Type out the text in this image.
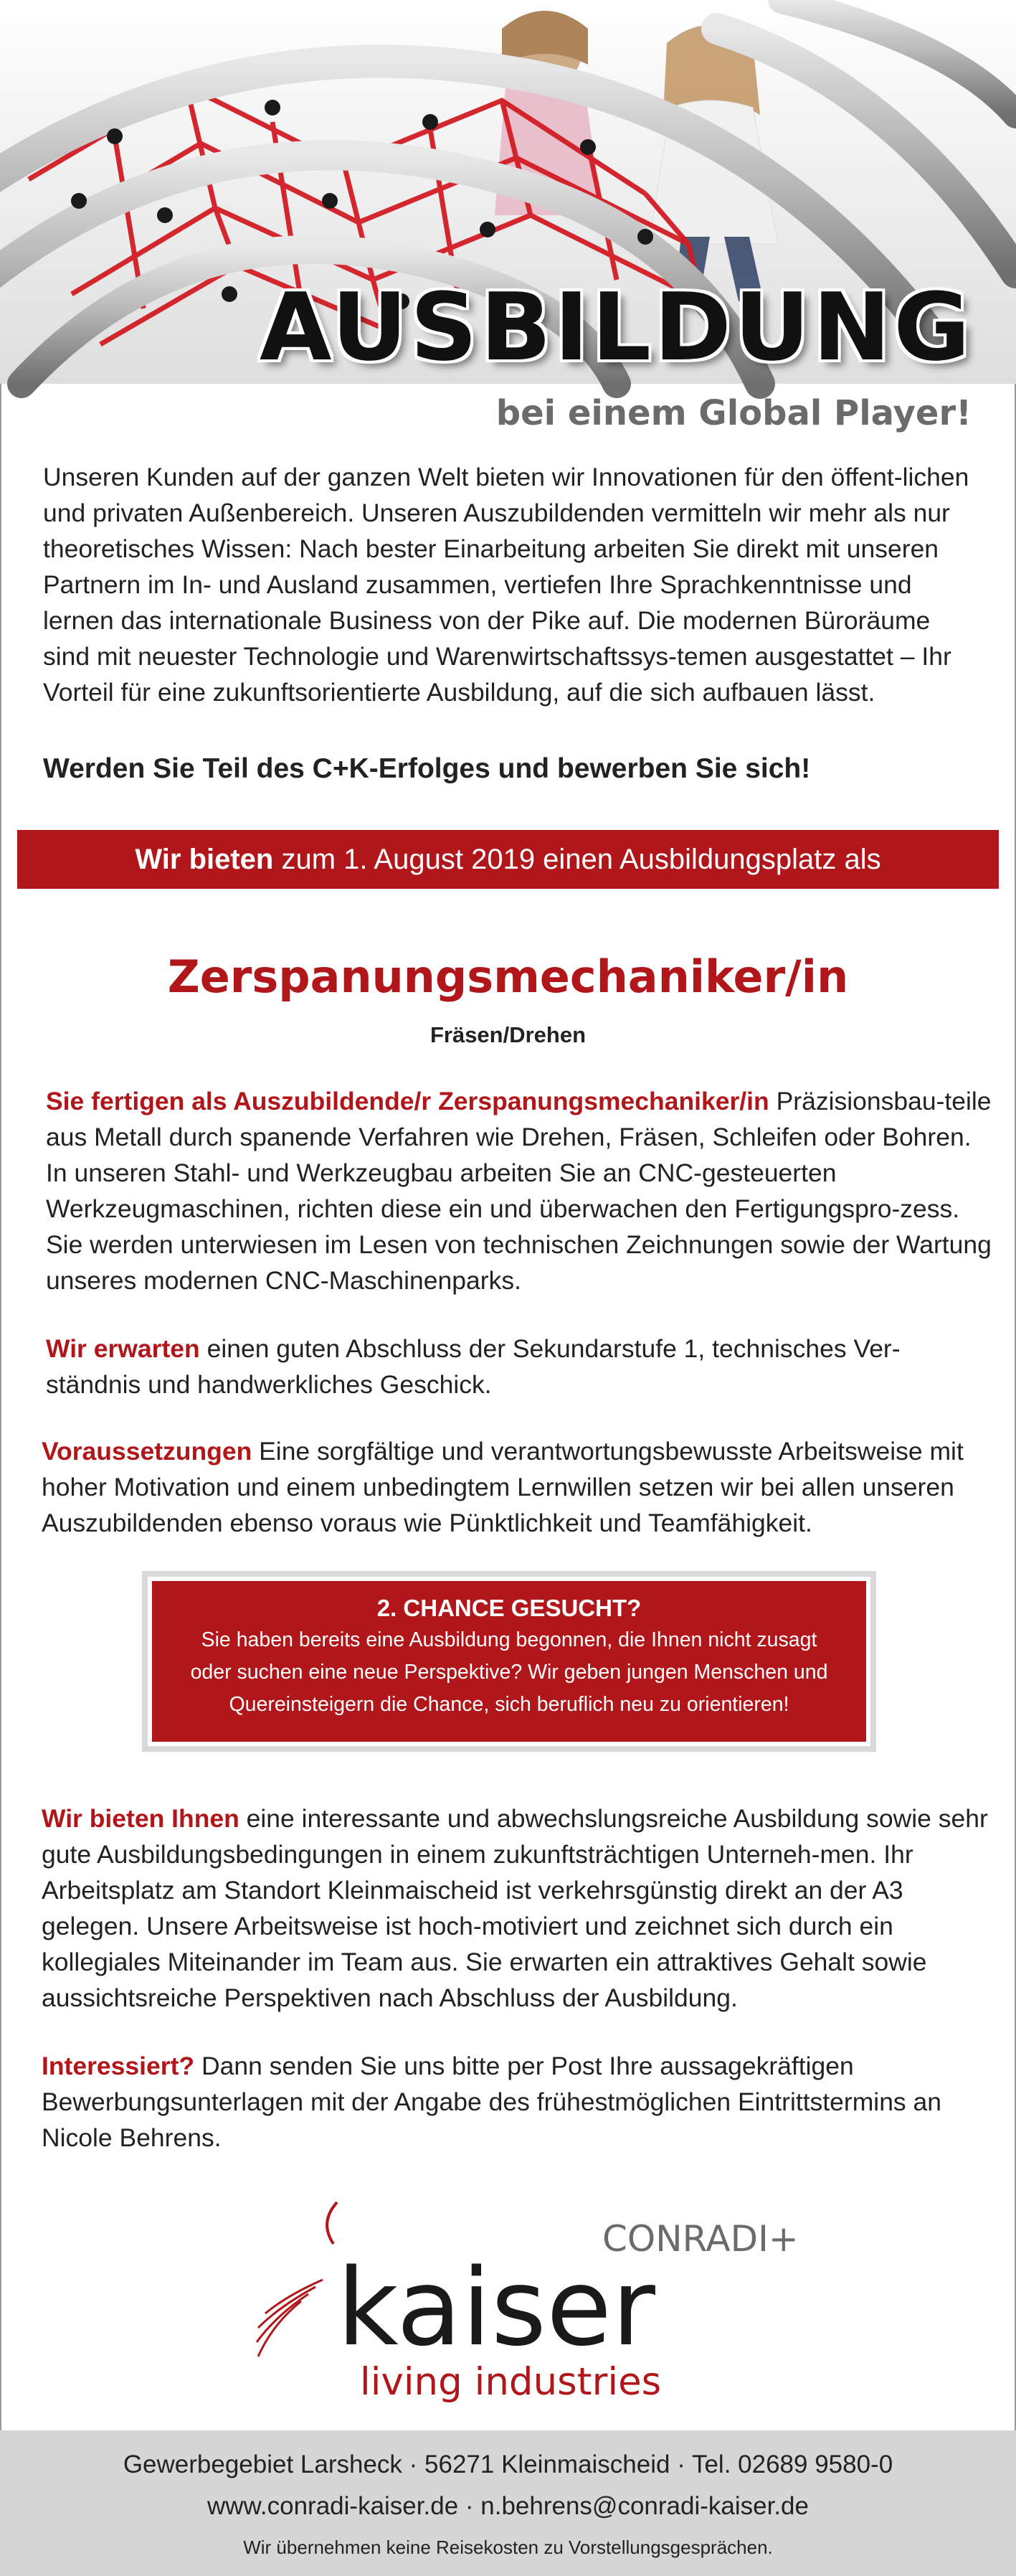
AUSBILDUNG
bei einem Global Player!

Unseren Kunden auf der ganzen Welt bieten wir Innovationen für den öffent-lichen und privaten Außenbereich. Unseren Auszubildenden vermitteln wir mehr als nur theoretisches Wissen: Nach bester Einarbeitung arbeiten Sie direkt mit unseren Partnern im In- und Ausland zusammen, vertiefen Ihre Sprachkenntnisse und lernen das internationale Business von der Pike auf. Die modernen Büroräume sind mit neuester Technologie und Warenwirtschaftssys-temen ausgestattet – Ihr Vorteil für eine zukunftsorientierte Ausbildung, auf die sich aufbauen lässt.

Werden Sie Teil des C+K-Erfolges und bewerben Sie sich!

Wir bieten zum 1. August 2019 einen Ausbildungsplatz als
Zerspanungsmechaniker/in
Fräsen/Drehen

Sie fertigen als Auszubildende/r Zerspanungsmechaniker/in Präzisionsbau-teile aus Metall durch spanende Verfahren wie Drehen, Fräsen, Schleifen oder Bohren. In unseren Stahl- und Werkzeugbau arbeiten Sie an CNC-gesteuerten Werkzeugmaschinen, richten diese ein und überwachen den Fertigungspro-zess. Sie werden unterwiesen im Lesen von technischen Zeichnungen sowie der Wartung unseres modernen CNC-Maschinenparks.

Wir erwarten einen guten Abschluss der Sekundarstufe 1, technisches Ver-ständnis und handwerkliches Geschick.

Voraussetzungen Eine sorgfältige und verantwortungsbewusste Arbeitsweise mit hoher Motivation und einem unbedingtem Lernwillen setzen wir bei allen unseren Auszubildenden ebenso voraus wie Pünktlichkeit und Teamfähigkeit.

2. CHANCE GESUCHT?
Sie haben bereits eine Ausbildung begonnen, die Ihnen nicht zusagt
oder suchen eine neue Perspektive? Wir geben jungen Menschen und
Quereinsteigern die Chance, sich beruflich neu zu orientieren!

Wir bieten Ihnen eine interessante und abwechslungsreiche Ausbildung sowie sehr gute Ausbildungsbedingungen in einem zukunftsträchtigen Unterneh-men. Ihr Arbeitsplatz am Standort Kleinmaischeid ist verkehrsgünstig direkt an der A3 gelegen. Unsere Arbeitsweise ist hoch-motiviert und zeichnet sich durch ein kollegiales Miteinander im Team aus. Sie erwarten ein attraktives Gehalt sowie aussichtsreiche Perspektiven nach Abschluss der Ausbildung.

Interessiert? Dann senden Sie uns bitte per Post Ihre aussagekräftigen Bewerbungsunterlagen mit der Angabe des frühestmöglichen Eintrittstermins an Nicole Behrens.

CONRADI+
kaiser
living industries
Gewerbegebiet Larsheck · 56271 Kleinmaischeid · Tel. 02689 9580-0
www.conradi-kaiser.de · n.behrens@conradi-kaiser.de
Wir übernehmen keine Reisekosten zu Vorstellungsgesprächen.
